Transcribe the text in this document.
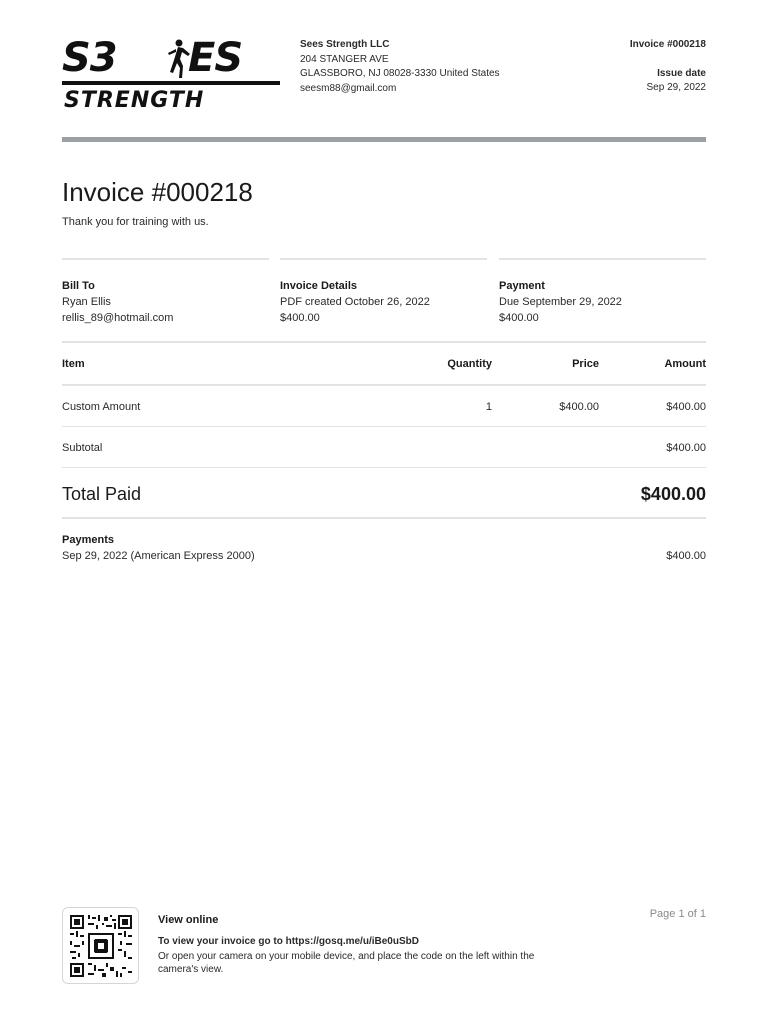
S3 ES
STRENGTH
Sees Strength LLC
204 STANGER AVE
GLASSBORO, NJ 08028-3330 United States
seesm88@gmail.com
Invoice #000218
Issue date
Sep 29, 2022
Invoice #000218
Thank you for training with us.
Bill To
Ryan Ellis
rellis_89@hotmail.com
Invoice Details
PDF created October 26, 2022
$400.00
Payment
Due September 29, 2022
$400.00
Item	Quantity	Price	Amount
Custom Amount	1	$400.00	$400.00
Subtotal	$400.00
Total Paid	$400.00
Payments
Sep 29, 2022 (American Express 2000)	$400.00
View online
To view your invoice go to https://gosq.me/u/iBe0uSbD
Or open your camera on your mobile device, and place the code on the left within the camera's view.
Page 1 of 1
